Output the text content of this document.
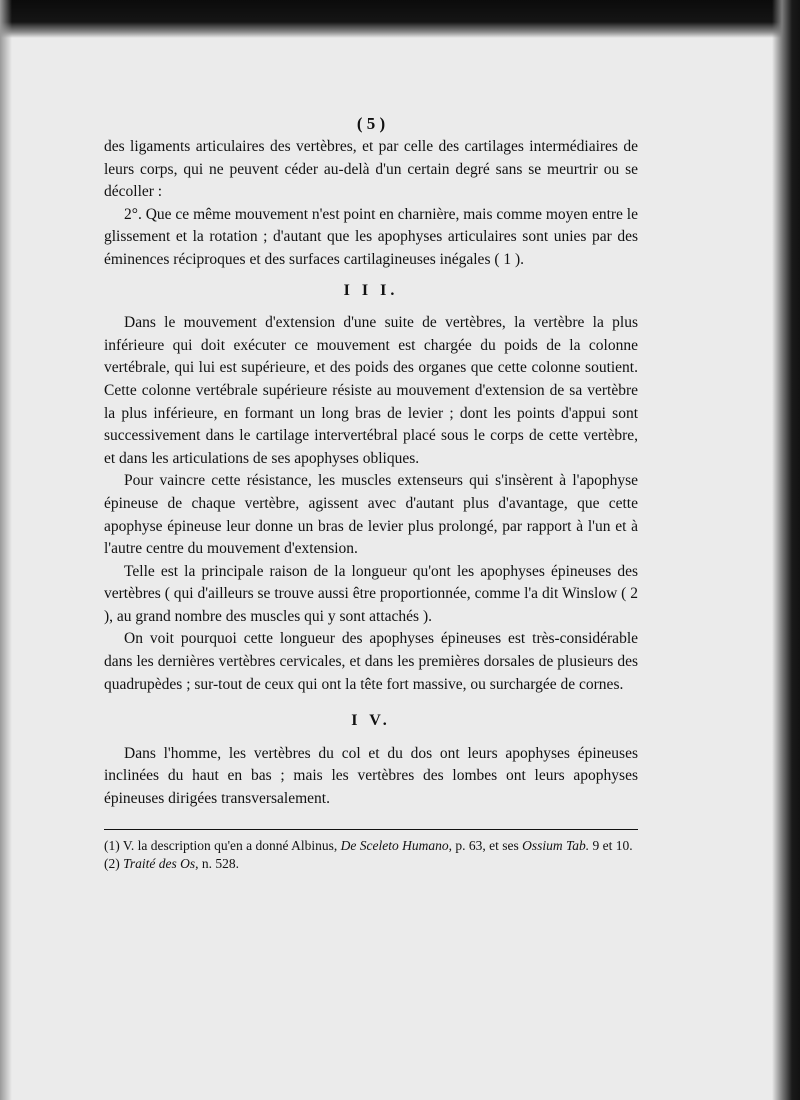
( 5 )

des ligaments articulaires des vertèbres, et par celle des cartilages intermédiaires de leurs corps, qui ne peuvent céder au-delà d'un certain degré sans se meurtrir ou se décoller :

2°. Que ce même mouvement n'est point en charnière, mais comme moyen entre le glissement et la rotation ; d'autant que les apophyses articulaires sont unies par des éminences réciproques et des surfaces cartilagineuses inégales ( 1 ).

I I I.

Dans le mouvement d'extension d'une suite de vertèbres, la vertèbre la plus inférieure qui doit exécuter ce mouvement est chargée du poids de la colonne vertébrale, qui lui est supérieure, et des poids des organes que cette colonne soutient. Cette colonne vertébrale supérieure résiste au mouvement d'extension de sa vertèbre la plus inférieure, en formant un long bras de levier ; dont les points d'appui sont successivement dans le cartilage intervertébral placé sous le corps de cette vertèbre, et dans les articulations de ses apophyses obliques.

Pour vaincre cette résistance, les muscles extenseurs qui s'insèrent à l'apophyse épineuse de chaque vertèbre, agissent avec d'autant plus d'avantage, que cette apophyse épineuse leur donne un bras de levier plus prolongé, par rapport à l'un et à l'autre centre du mouvement d'extension.

Telle est la principale raison de la longueur qu'ont les apophyses épineuses des vertèbres ( qui d'ailleurs se trouve aussi être proportionnée, comme l'a dit Winslow ( 2 ), au grand nombre des muscles qui y sont attachés ).

On voit pourquoi cette longueur des apophyses épineuses est très-considérable dans les dernières vertèbres cervicales, et dans les premières dorsales de plusieurs des quadrupèdes ; sur-tout de ceux qui ont la tête fort massive, ou surchargée de cornes.

I V.

Dans l'homme, les vertèbres du col et du dos ont leurs apophyses épineuses inclinées du haut en bas ; mais les vertèbres des lombes ont leurs apophyses épineuses dirigées transversalement.

(1) V. la description qu'en a donné Albinus, De Sceleto Humano, p. 63, et ses Ossium Tab. 9 et 10.

(2) Traité des Os, n. 528.
